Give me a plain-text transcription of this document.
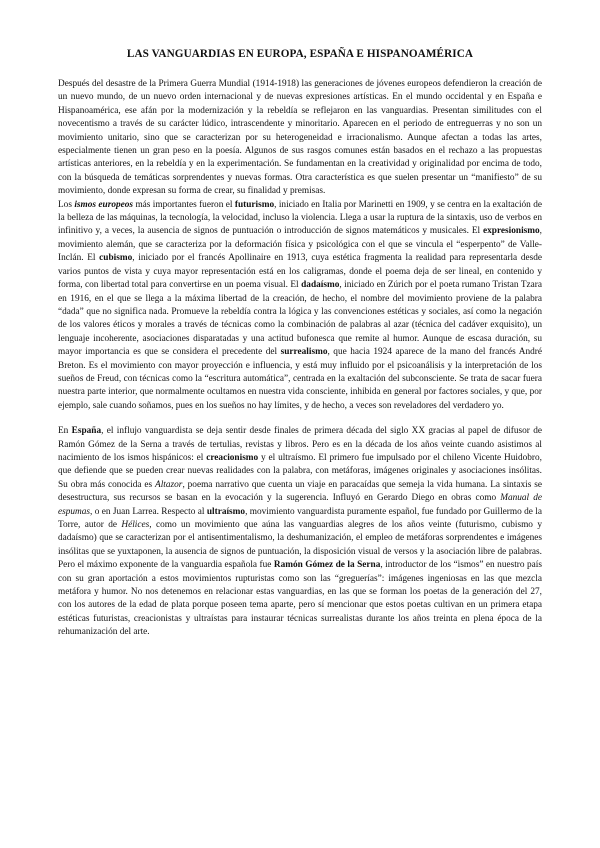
LAS VANGUARDIAS EN EUROPA, ESPAÑA E HISPANOAMÉRICA

Después del desastre de la Primera Guerra Mundial (1914-1918) las generaciones de jóvenes europeos defendieron la creación de un nuevo mundo, de un nuevo orden internacional y de nuevas expresiones artísticas. En el mundo occidental y en España e Hispanoamérica, ese afán por la modernización y la rebeldía se reflejaron en las vanguardias. Presentan similitudes con el novecentismo a través de su carácter lúdico, intrascendente y minoritario. Aparecen en el periodo de entreguerras y no son un movimiento unitario, sino que se caracterizan por su heterogeneidad e irracionalismo. Aunque afectan a todas las artes, especialmente tienen un gran peso en la poesía. Algunos de sus rasgos comunes están basados en el rechazo a las propuestas artísticas anteriores, en la rebeldía y en la experimentación. Se fundamentan en la creatividad y originalidad por encima de todo, con la búsqueda de temáticas sorprendentes y nuevas formas. Otra característica es que suelen presentar un “manifiesto” de su movimiento, donde expresan su forma de crear, su finalidad y premisas.

Los ismos europeos más importantes fueron el futurismo, iniciado en Italia por Marinetti en 1909, y se centra en la exaltación de la belleza de las máquinas, la tecnología, la velocidad, incluso la violencia. Llega a usar la ruptura de la sintaxis, uso de verbos en infinitivo y, a veces, la ausencia de signos de puntuación o introducción de signos matemáticos y musicales. El expresionismo, movimiento alemán, que se caracteriza por la deformación física y psicológica con el que se vincula el “esperpento” de Valle-Inclán. El cubismo, iniciado por el francés Apollinaire en 1913, cuya estética fragmenta la realidad para representarla desde varios puntos de vista y cuya mayor representación está en los caligramas, donde el poema deja de ser lineal, en contenido y forma, con libertad total para convertirse en un poema visual. El dadaísmo, iniciado en Zúrich por el poeta rumano Tristan Tzara en 1916, en el que se llega a la máxima libertad de la creación, de hecho, el nombre del movimiento proviene de la palabra “dada” que no significa nada. Promueve la rebeldía contra la lógica y las convenciones estéticas y sociales, así como la negación de los valores éticos y morales a través de técnicas como la combinación de palabras al azar (técnica del cadáver exquisito), un lenguaje incoherente, asociaciones disparatadas y una actitud bufonesca que remite al humor. Aunque de escasa duración, su mayor importancia es que se considera el precedente del surrealismo, que hacia 1924 aparece de la mano del francés André Breton. Es el movimiento con mayor proyección e influencia, y está muy influido por el psicoanálisis y la interpretación de los sueños de Freud, con técnicas como la “escritura automática”, centrada en la exaltación del subconsciente. Se trata de sacar fuera nuestra parte interior, que normalmente ocultamos en nuestra vida consciente, inhibida en general por factores sociales, y que, por ejemplo, sale cuando soñamos, pues en los sueños no hay límites, y de hecho, a veces son reveladores del verdadero yo.

En España, el influjo vanguardista se deja sentir desde finales de primera década del siglo XX gracias al papel de difusor de Ramón Gómez de la Serna a través de tertulias, revistas y libros. Pero es en la década de los años veinte cuando asistimos al nacimiento de los ismos hispánicos: el creacionismo y el ultraísmo. El primero fue impulsado por el chileno Vicente Huidobro, que defiende que se pueden crear nuevas realidades con la palabra, con metáforas, imágenes originales y asociaciones insólitas. Su obra más conocida es Altazor, poema narrativo que cuenta un viaje en paracaídas que semeja la vida humana. La sintaxis se desestructura, sus recursos se basan en la evocación y la sugerencia. Influyó en Gerardo Diego en obras como Manual de espumas, o en Juan Larrea. Respecto al ultraísmo, movimiento vanguardista puramente español, fue fundado por Guillermo de la Torre, autor de Hélices, como un movimiento que aúna las vanguardias alegres de los años veinte (futurismo, cubismo y dadaísmo) que se caracterizan por el antisentimentalismo, la deshumanización, el empleo de metáforas sorprendentes e imágenes insólitas que se yuxtaponen, la ausencia de signos de puntuación, la disposición visual de versos y la asociación libre de palabras. Pero el máximo exponente de la vanguardia española fue Ramón Gómez de la Serna, introductor de los “ismos” en nuestro país con su gran aportación a estos movimientos rupturistas como son las “greguerías”: imágenes ingeniosas en las que mezcla metáfora y humor. No nos detenemos en relacionar estas vanguardias, en las que se forman los poetas de la generación del 27, con los autores de la edad de plata porque poseen tema aparte, pero sí mencionar que estos poetas cultivan en un primera etapa estéticas futuristas, creacionistas y ultraístas para instaurar técnicas surrealistas durante los años treinta en plena época de la rehumanización del arte.
